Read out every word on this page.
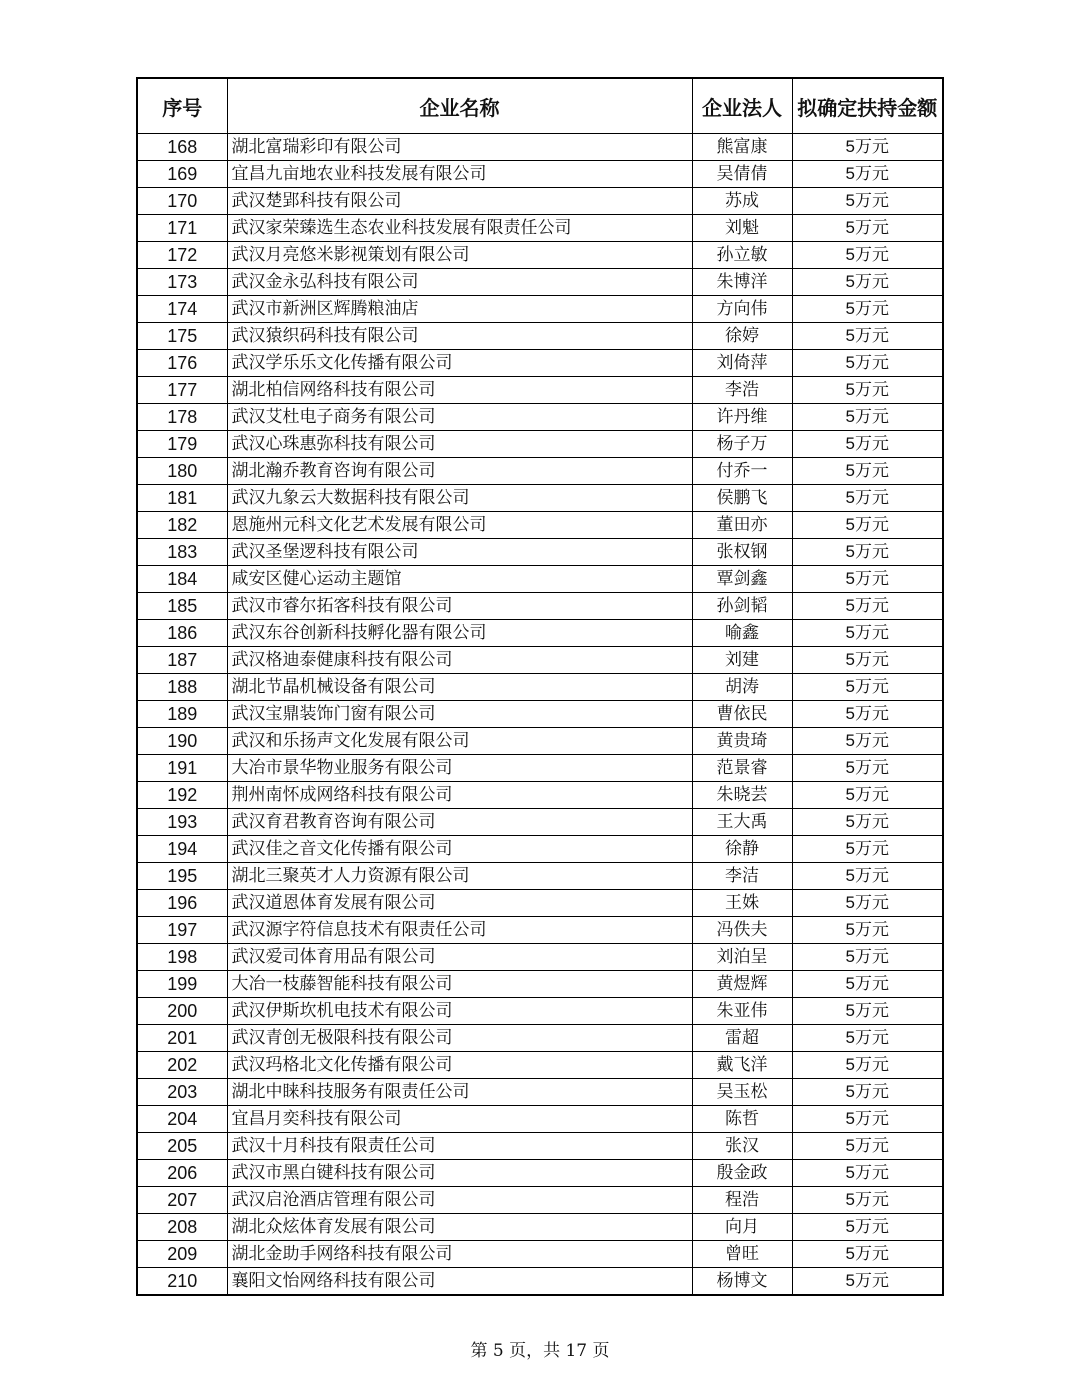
序号	企业名称	企业法人	拟确定扶持金额
168	湖北富瑞彩印有限公司	熊富康	5万元
169	宜昌九亩地农业科技发展有限公司	吴倩倩	5万元
170	武汉楚郢科技有限公司	苏成	5万元
171	武汉家荣臻选生态农业科技发展有限责任公司	刘魁	5万元
172	武汉月亮悠米影视策划有限公司	孙立敏	5万元
173	武汉金永弘科技有限公司	朱博洋	5万元
174	武汉市新洲区辉腾粮油店	方向伟	5万元
175	武汉猿织码科技有限公司	徐婷	5万元
176	武汉学乐乐文化传播有限公司	刘倚萍	5万元
177	湖北柏信网络科技有限公司	李浩	5万元
178	武汉艾杜电子商务有限公司	许丹维	5万元
179	武汉心珠惠弥科技有限公司	杨子万	5万元
180	湖北瀚乔教育咨询有限公司	付乔一	5万元
181	武汉九象云大数据科技有限公司	侯鹏飞	5万元
182	恩施州元科文化艺术发展有限公司	董田亦	5万元
183	武汉圣堡逻科技有限公司	张权钢	5万元
184	咸安区健心运动主题馆	覃剑鑫	5万元
185	武汉市睿尔拓客科技有限公司	孙剑韬	5万元
186	武汉东谷创新科技孵化器有限公司	喻鑫	5万元
187	武汉格迪泰健康科技有限公司	刘建	5万元
188	湖北节晶机械设备有限公司	胡涛	5万元
189	武汉宝鼎装饰门窗有限公司	曹依民	5万元
190	武汉和乐扬声文化发展有限公司	黄贵琦	5万元
191	大冶市景华物业服务有限公司	范景睿	5万元
192	荆州南怀成网络科技有限公司	朱晓芸	5万元
193	武汉育君教育咨询有限公司	王大禹	5万元
194	武汉佳之音文化传播有限公司	徐静	5万元
195	湖北三聚英才人力资源有限公司	李洁	5万元
196	武汉道恩体育发展有限公司	王姝	5万元
197	武汉源字符信息技术有限责任公司	冯佚夫	5万元
198	武汉爱司体育用品有限公司	刘泊呈	5万元
199	大冶一枝藤智能科技有限公司	黄煜辉	5万元
200	武汉伊斯坎机电技术有限公司	朱亚伟	5万元
201	武汉青创无极限科技有限公司	雷超	5万元
202	武汉玛格北文化传播有限公司	戴飞洋	5万元
203	湖北中睐科技服务有限责任公司	吴玉松	5万元
204	宜昌月奕科技有限公司	陈哲	5万元
205	武汉十月科技有限责任公司	张汉	5万元
206	武汉市黑白键科技有限公司	殷金政	5万元
207	武汉启沧酒店管理有限公司	程浩	5万元
208	湖北众炫体育发展有限公司	向月	5万元
209	湖北金助手网络科技有限公司	曾旺	5万元
210	襄阳文怡网络科技有限公司	杨博文	5万元
第 5 页，共 17 页
